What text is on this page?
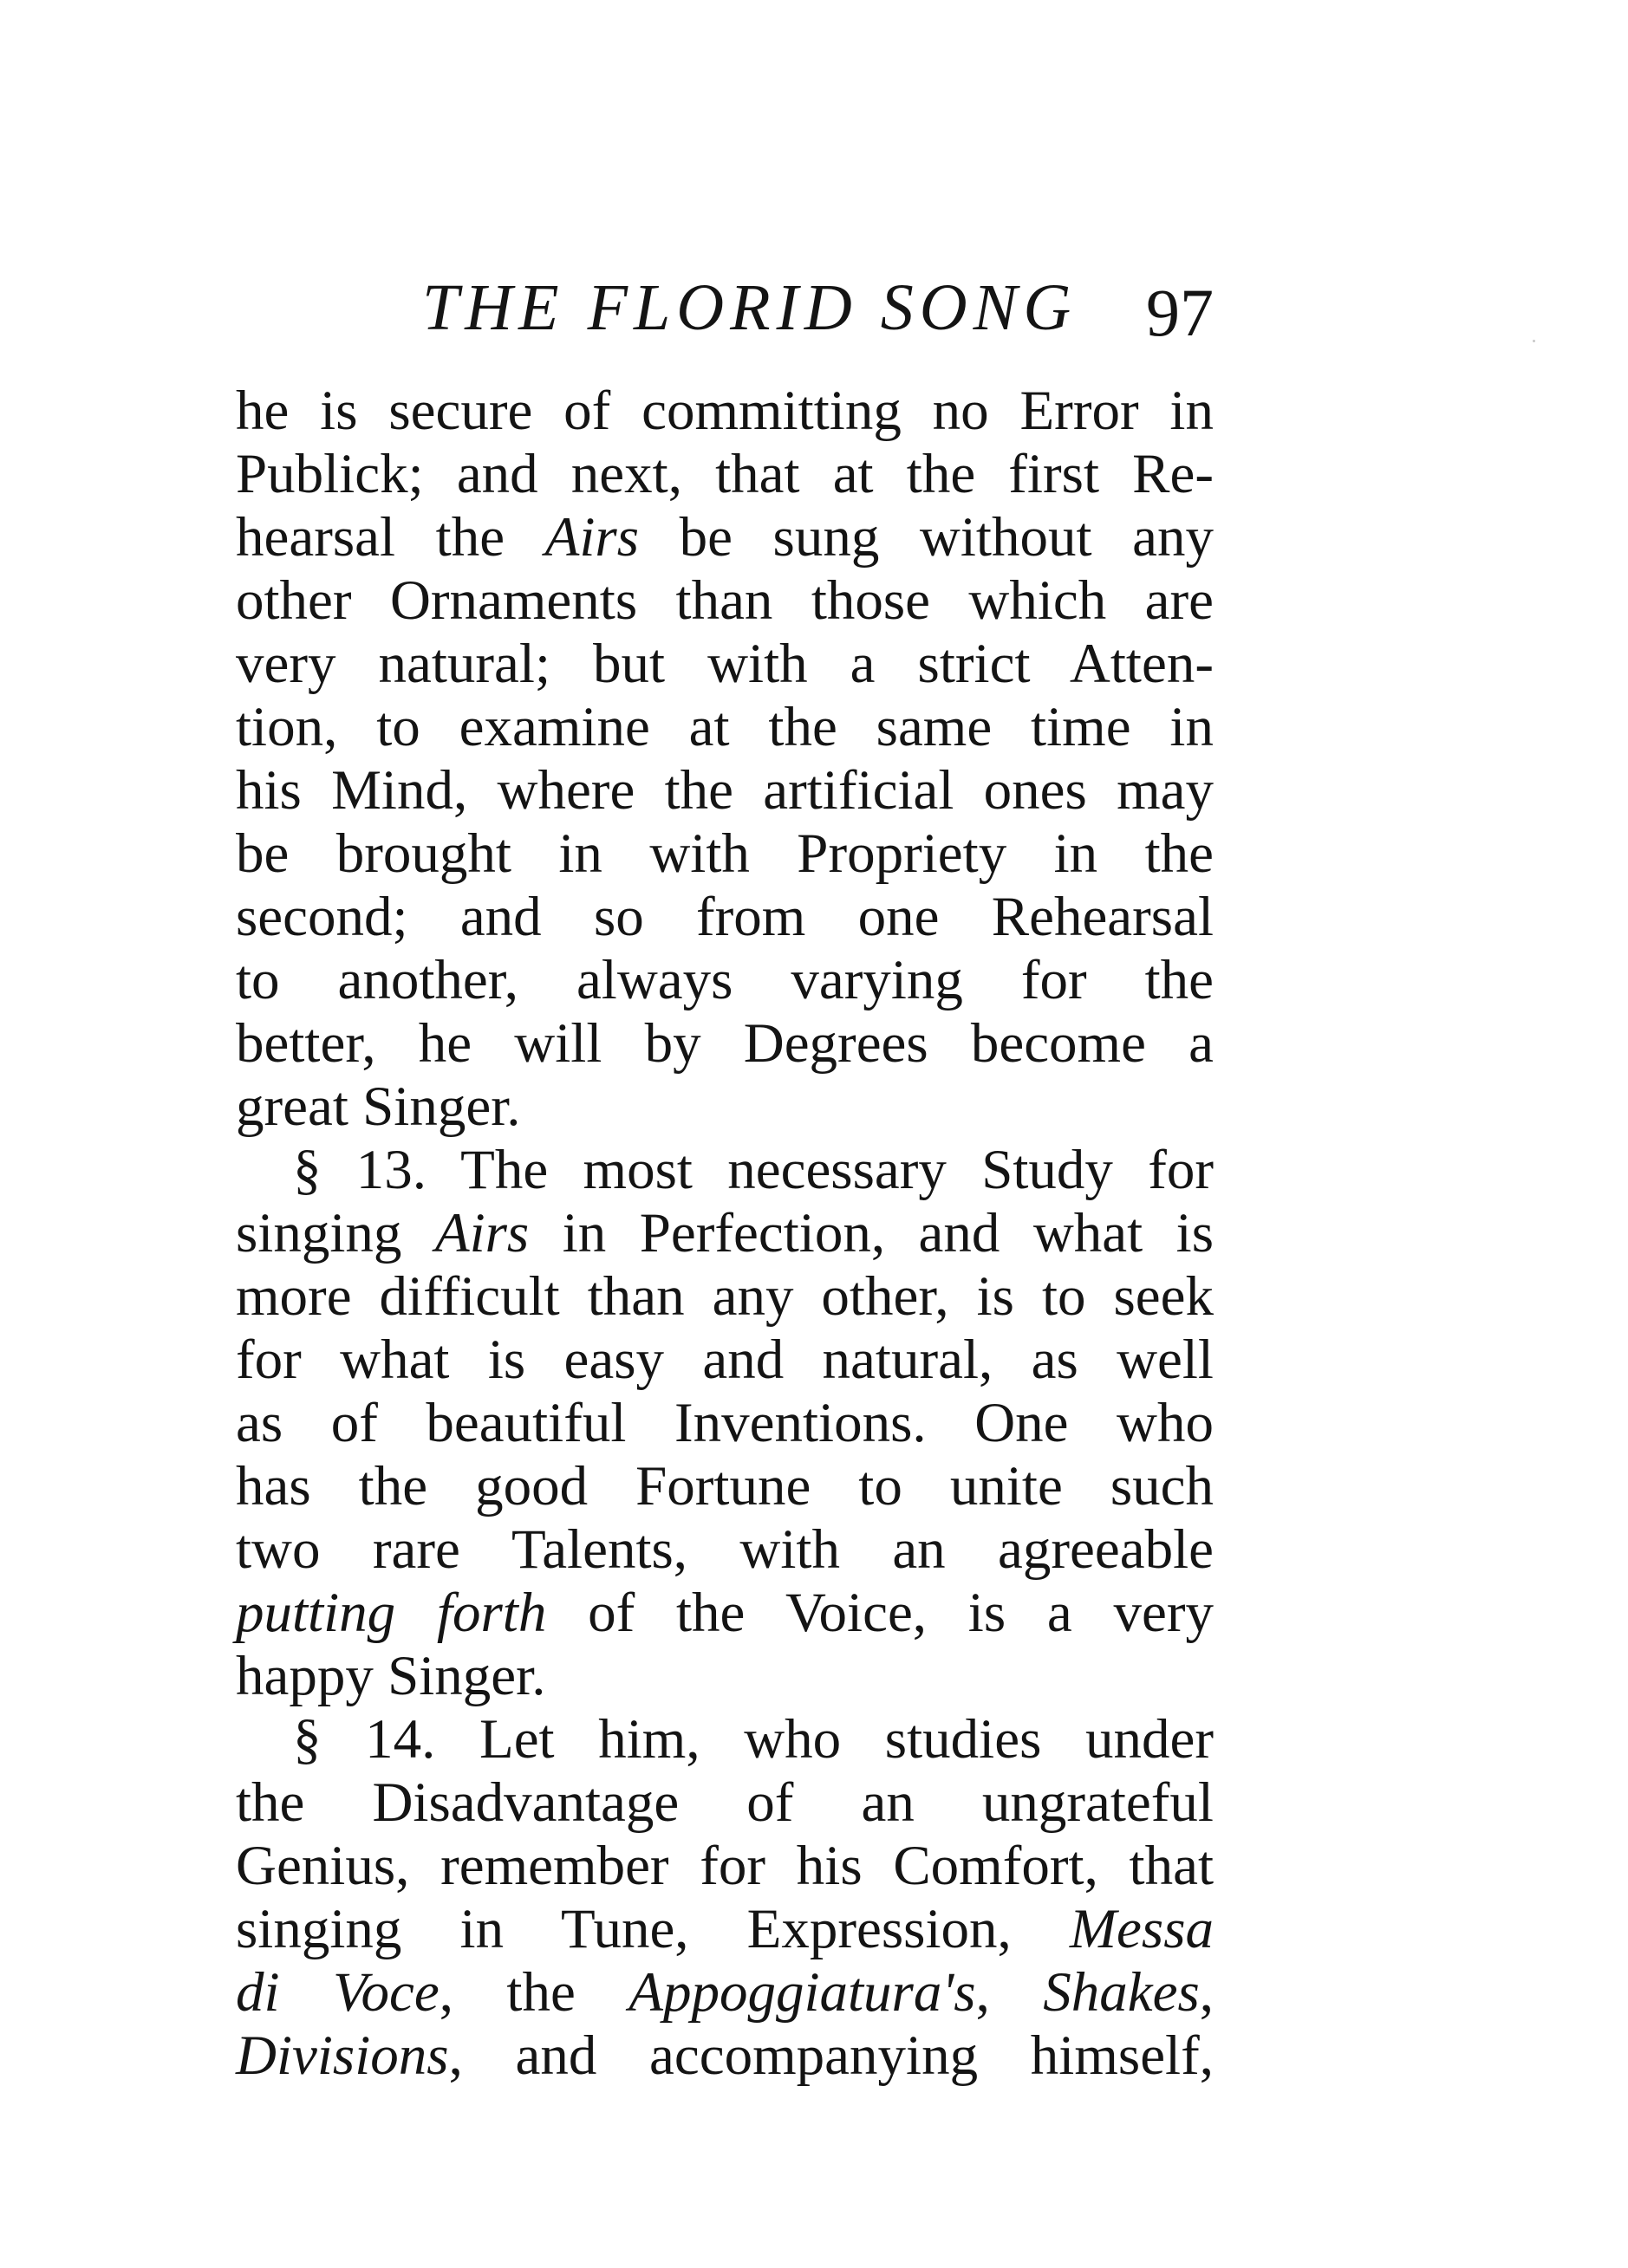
THE FLORID SONG 97
he is secure of committing no Error in
Publick; and next, that at the first Re-
hearsal the Airs be sung without any
other Ornaments than those which are
very natural; but with a strict Atten-
tion, to examine at the same time in
his Mind, where the artificial ones may
be brought in with Propriety in the
second; and so from one Rehearsal
to another, always varying for the
better, he will by Degrees become a
great Singer.
§ 13. The most necessary Study for
singing Airs in Perfection, and what is
more difficult than any other, is to seek
for what is easy and natural, as well
as of beautiful Inventions. One who
has the good Fortune to unite such
two rare Talents, with an agreeable
putting forth of the Voice, is a very
happy Singer.
§ 14. Let him, who studies under
the Disadvantage of an ungrateful
Genius, remember for his Comfort, that
singing in Tune, Expression, Messa
di Voce, the Appoggiatura's, Shakes,
Divisions, and accompanying himself,
